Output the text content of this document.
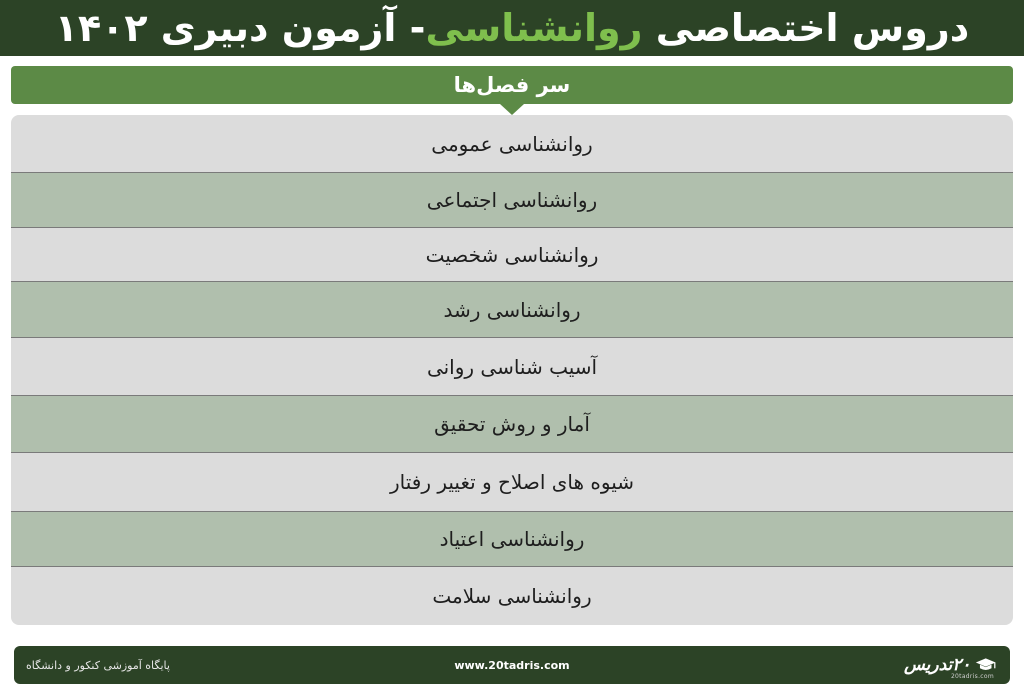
دروس اختصاصی

روانشناسی
- آزمون دبیری ۱۴۰۲
سر فصل‌ها
روانشناسی عمومی
روانشناسی اجتماعی
روانشناسی شخصیت
روانشناسی رشد
آسیب شناسی روانی
آمار و روش تحقیق
شیوه های اصلاح و تغییر رفتار
روانشناسی اعتیاد
روانشناسی سلامت
پایگاه آموزشی کنکور و دانشگاه	www.20tadris.com	۲۰تدریس
20tadris.com
